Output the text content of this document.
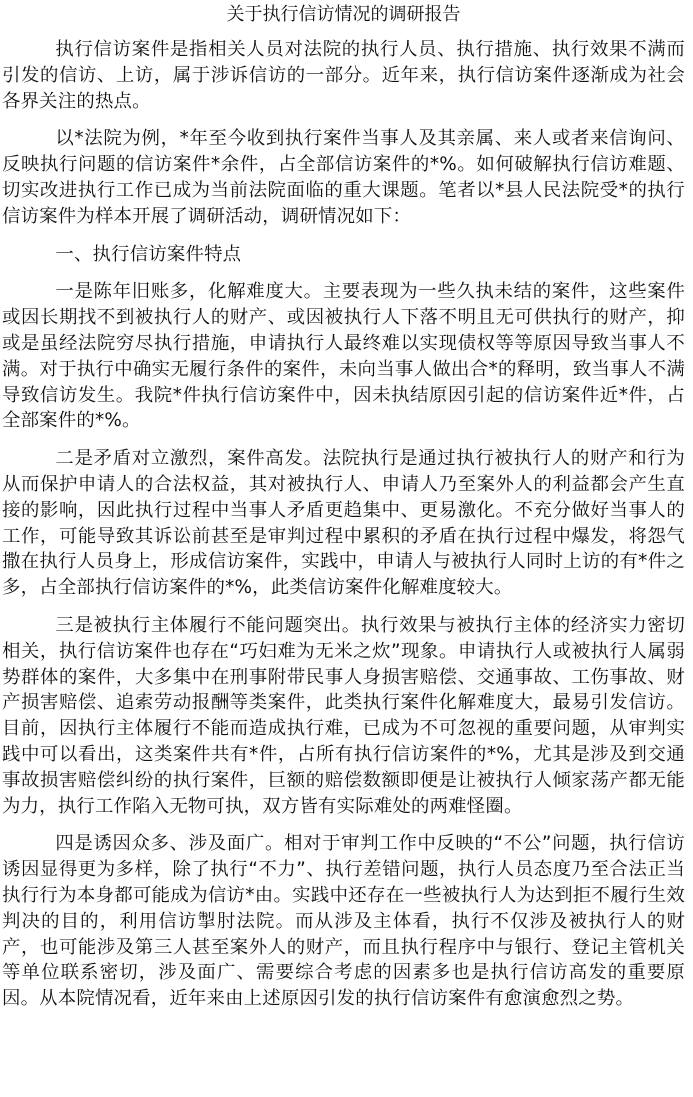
关于执行信访情况的调研报告

执行信访案件是指相关人员对法院的执行人员、执行措施、执行效果不满而引发的信访、上访，属于涉诉信访的一部分。近年来，执行信访案件逐渐成为社会各界关注的热点。

以*法院为例，*年至今收到执行案件当事人及其亲属、来人或者来信询问、反映执行问题的信访案件*余件，占全部信访案件的*%。如何破解执行信访难题、切实改进执行工作已成为当前法院面临的重大课题。笔者以*县人民法院受*的执行信访案件为样本开展了调研活动，调研情况如下：

一、执行信访案件特点

一是陈年旧账多，化解难度大。主要表现为一些久执未结的案件，这些案件或因长期找不到被执行人的财产、或因被执行人下落不明且无可供执行的财产，抑或是虽经法院穷尽执行措施，申请执行人最终难以实现债权等等原因导致当事人不满。对于执行中确实无履行条件的案件，未向当事人做出合*的释明，致当事人不满导致信访发生。我院*件执行信访案件中，因未执结原因引起的信访案件近*件，占全部案件的*%。

二是矛盾对立激烈，案件高发。法院执行是通过执行被执行人的财产和行为从而保护申请人的合法权益，其对被执行人、申请人乃至案外人的利益都会产生直接的影响，因此执行过程中当事人矛盾更趋集中、更易激化。不充分做好当事人的工作，可能导致其诉讼前甚至是审判过程中累积的矛盾在执行过程中爆发，将怨气撒在执行人员身上，形成信访案件，实践中，申请人与被执行人同时上访的有*件之多，占全部执行信访案件的*%，此类信访案件化解难度较大。

三是被执行主体履行不能问题突出。执行效果与被执行主体的经济实力密切相关，执行信访案件也存在“巧妇难为无米之炊”现象。申请执行人或被执行人属弱势群体的案件，大多集中在刑事附带民事人身损害赔偿、交通事故、工伤事故、财产损害赔偿、追索劳动报酬等类案件，此类执行案件化解难度大，最易引发信访。目前，因执行主体履行不能而造成执行难，已成为不可忽视的重要问题，从审判实践中可以看出，这类案件共有*件，占所有执行信访案件的*%，尤其是涉及到交通事故损害赔偿纠纷的执行案件，巨额的赔偿数额即便是让被执行人倾家荡产都无能为力，执行工作陷入无物可执，双方皆有实际难处的两难怪圈。

四是诱因众多、涉及面广。相对于审判工作中反映的“不公”问题，执行信访诱因显得更为多样，除了执行“不力”、执行差错问题，执行人员态度乃至合法正当执行行为本身都可能成为信访*由。实践中还存在一些被执行人为达到拒不履行生效判决的目的，利用信访掣肘法院。而从涉及主体看，执行不仅涉及被执行人的财产，也可能涉及第三人甚至案外人的财产，而且执行程序中与银行、登记主管机关等单位联系密切，涉及面广、需要综合考虑的因素多也是执行信访高发的重要原因。从本院情况看，近年来由上述原因引发的执行信访案件有愈演愈烈之势。
